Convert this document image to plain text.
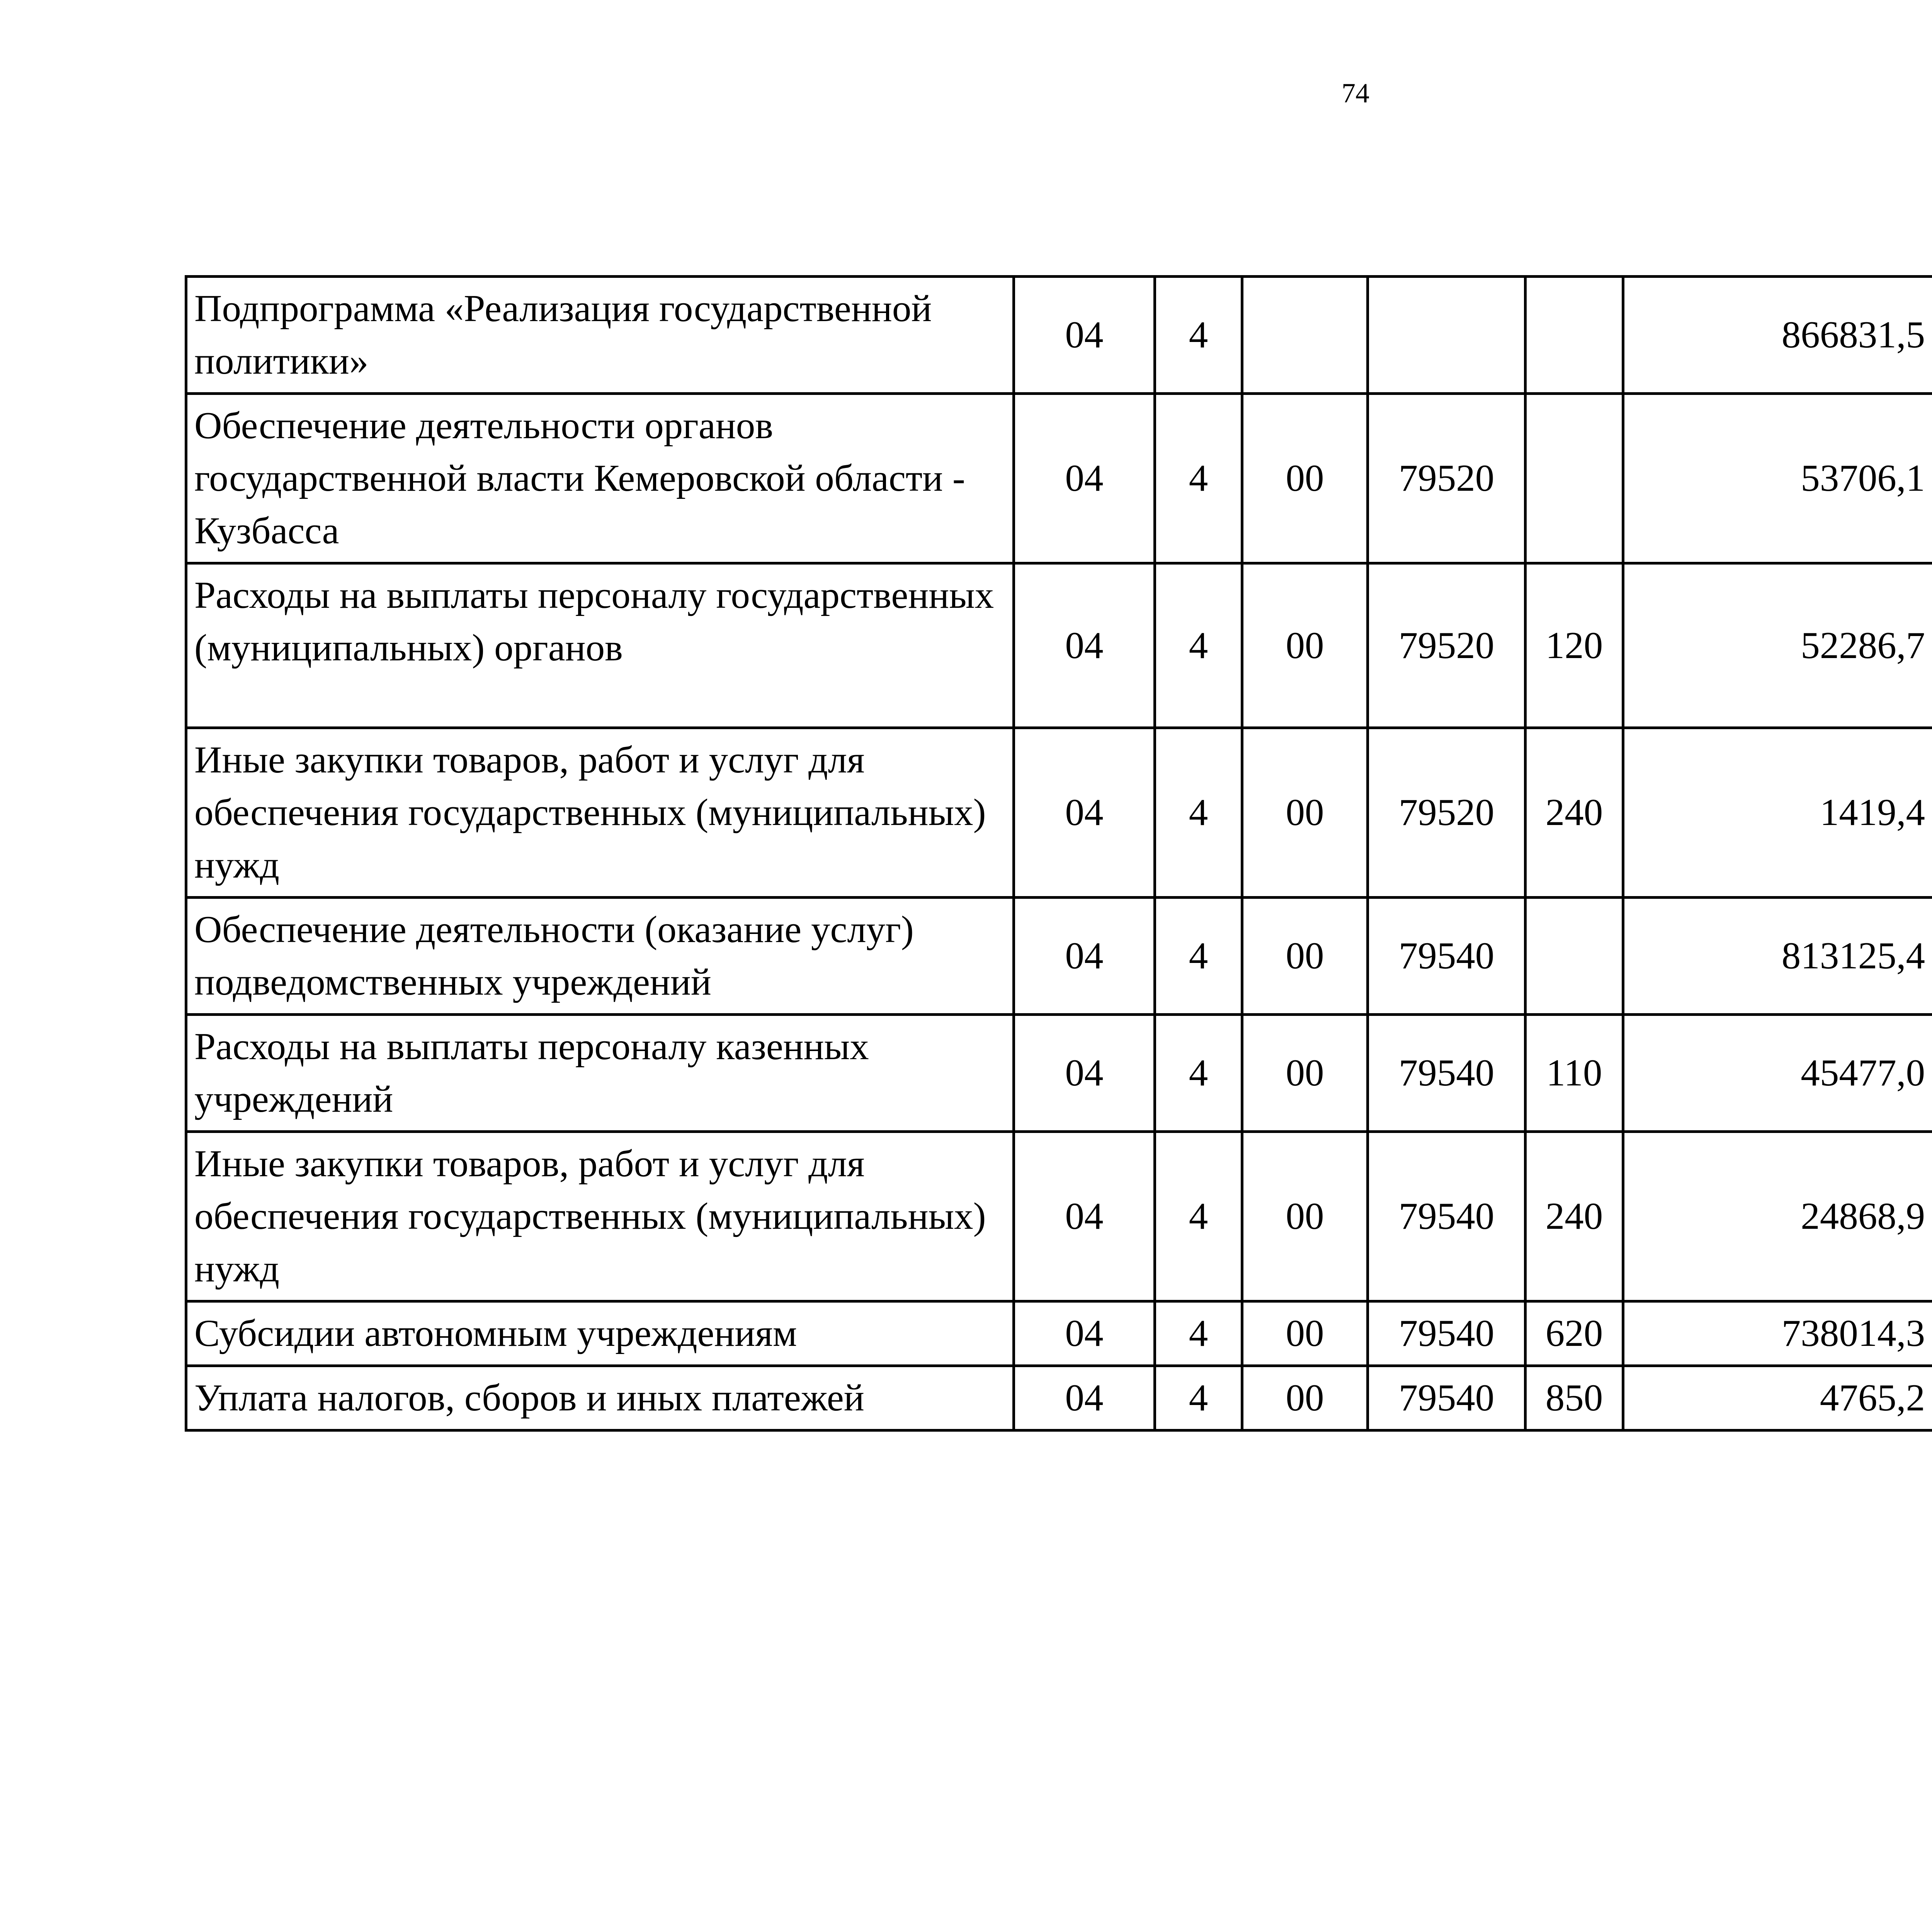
74
Подпрограмма «Реализация государственной политики»	04	4				866831,5		
Обеспечение деятельности органов государственной власти Кемеровской области - Кузбасса	04	4	00	79520		53706,1		
Расходы на выплаты персоналу государственных (муниципальных) органов	04	4	00	79520	120	52286,7		
Иные закупки товаров, работ и услуг для обеспечения государственных (муниципальных) нужд	04	4	00	79520	240	1419,4		
Обеспечение деятельности (оказание услуг) подведомственных учреждений	04	4	00	79540		813125,4		
Расходы на выплаты персоналу казенных учреждений	04	4	00	79540	110	45477,0		
Иные закупки товаров, работ и услуг для обеспечения государственных (муниципальных) нужд	04	4	00	79540	240	24868,9		
Субсидии автономным учреждениям	04	4	00	79540	620	738014,3		
Уплата налогов, сборов и иных платежей	04	4	00	79540	850	4765,2		
